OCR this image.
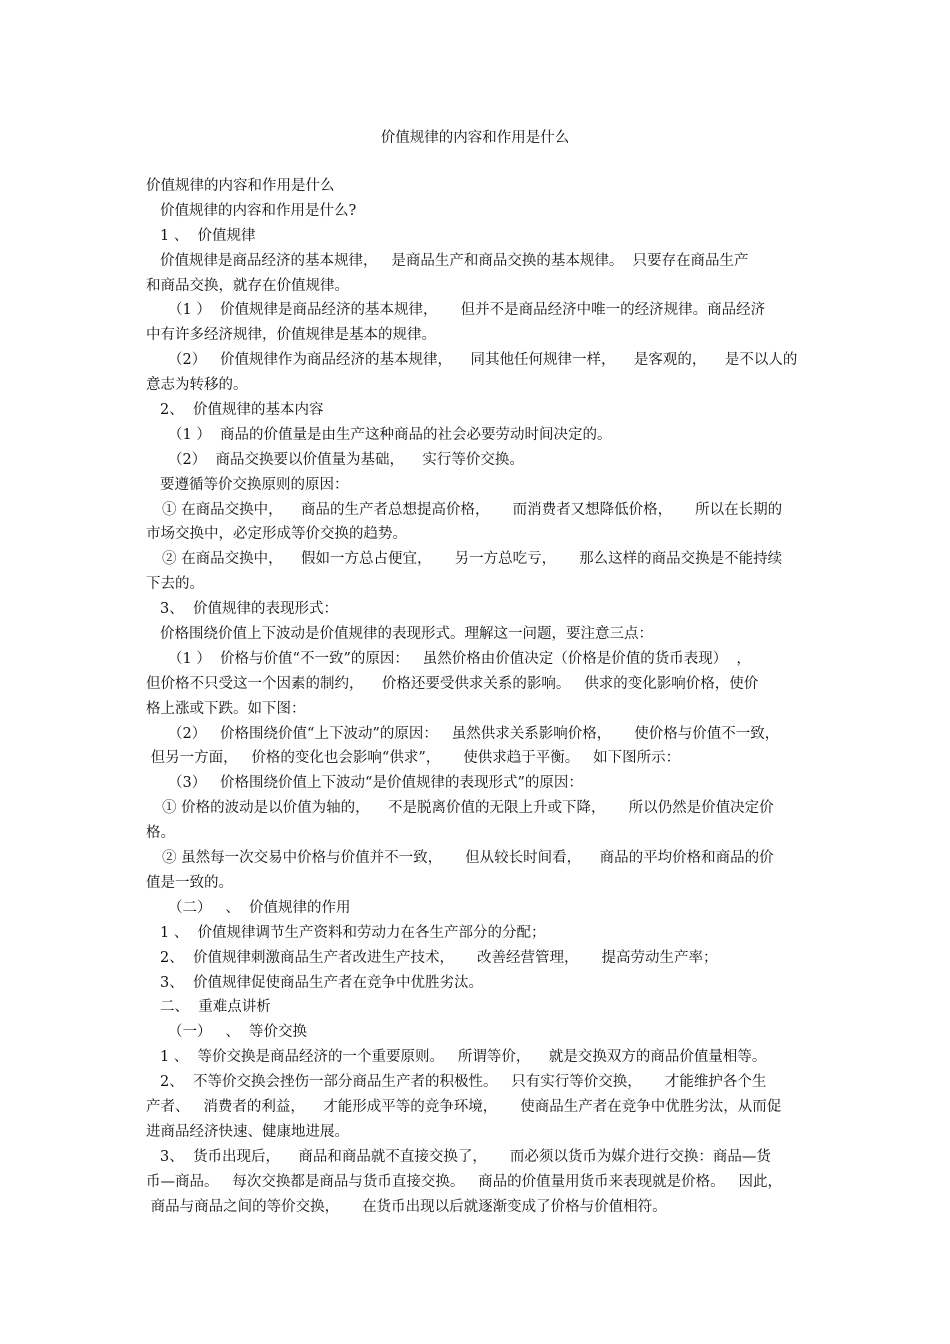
价值规律的内容和作用是什么
价值规律的内容和作用是什么
价值规律的内容和作用是什么?
1 、  价值规律
价值规律是商品经济的基本规律，   是商品生产和商品交换的基本规律。  只要存在商品生产
和商品交换，就存在价值规律。
（1 ）  价值规律是商品经济的基本规律，     但并不是商品经济中唯一的经济规律。商品经济
中有许多经济规律，价值规律是基本的规律。
（2）   价值规律作为商品经济的基本规律，    同其他任何规律一样，    是客观的，    是不以人的
意志为转移的。
2、  价值规律的基本内容
（1 ）  商品的价值量是由生产这种商品的社会必要劳动时间决定的。
（2）  商品交换要以价值量为基础，    实行等价交换。
要遵循等价交换原则的原因：
① 在商品交换中，    商品的生产者总想提高价格，     而消费者又想降低价格，     所以在长期的
市场交换中，必定形成等价交换的趋势。
② 在商品交换中，    假如一方总占便宜，     另一方总吃亏，     那么这样的商品交换是不能持续
下去的。
3、  价值规律的表现形式：
价格围绕价值上下波动是价值规律的表现形式。理解这一问题，要注意三点：
（1 ）  价格与价值“不一致”的原因：   虽然价格由价值决定（价格是价值的货币表现）  ，
但价格不只受这一个因素的制约，    价格还要受供求关系的影响。   供求的变化影响价格，使价
格上涨或下跌。如下图：
（2）   价格围绕价值“上下波动”的原因：   虽然供求关系影响价格，     使价格与价值不一致，
但另一方面，   价格的变化也会影响“供求”，     使供求趋于平衡。   如下图所示：
（3）   价格围绕价值上下波动“是价值规律的表现形式”的原因：
① 价格的波动是以价值为轴的，    不是脱离价值的无限上升或下降，     所以仍然是价值决定价
格。
② 虽然每一次交易中价格与价值并不一致，     但从较长时间看，    商品的平均价格和商品的价
值是一致的。
（二）   、  价值规律的作用
1 、  价值规律调节生产资料和劳动力在各生产部分的分配；
2、  价值规律刺激商品生产者改进生产技术，     改善经营管理，     提高劳动生产率；
3、  价值规律促使商品生产者在竞争中优胜劣汰。
二、  重难点讲析
（一）   、  等价交换
1 、  等价交换是商品经济的一个重要原则。   所谓等价，    就是交换双方的商品价值量相等。
2、  不等价交换会挫伤一部分商品生产者的积极性。   只有实行等价交换，     才能维护各个生
产者、   消费者的利益，    才能形成平等的竞争环境，     使商品生产者在竞争中优胜劣汰，从而促
进商品经济快速、健康地进展。
3、  货币出现后，    商品和商品就不直接交换了，     而必须以货币为媒介进行交换：商品—货
币—商品。   每次交换都是商品与货币直接交换。   商品的价值量用货币来表现就是价格。   因此，
商品与商品之间的等价交换，     在货币出现以后就逐渐变成了价格与价值相符。
